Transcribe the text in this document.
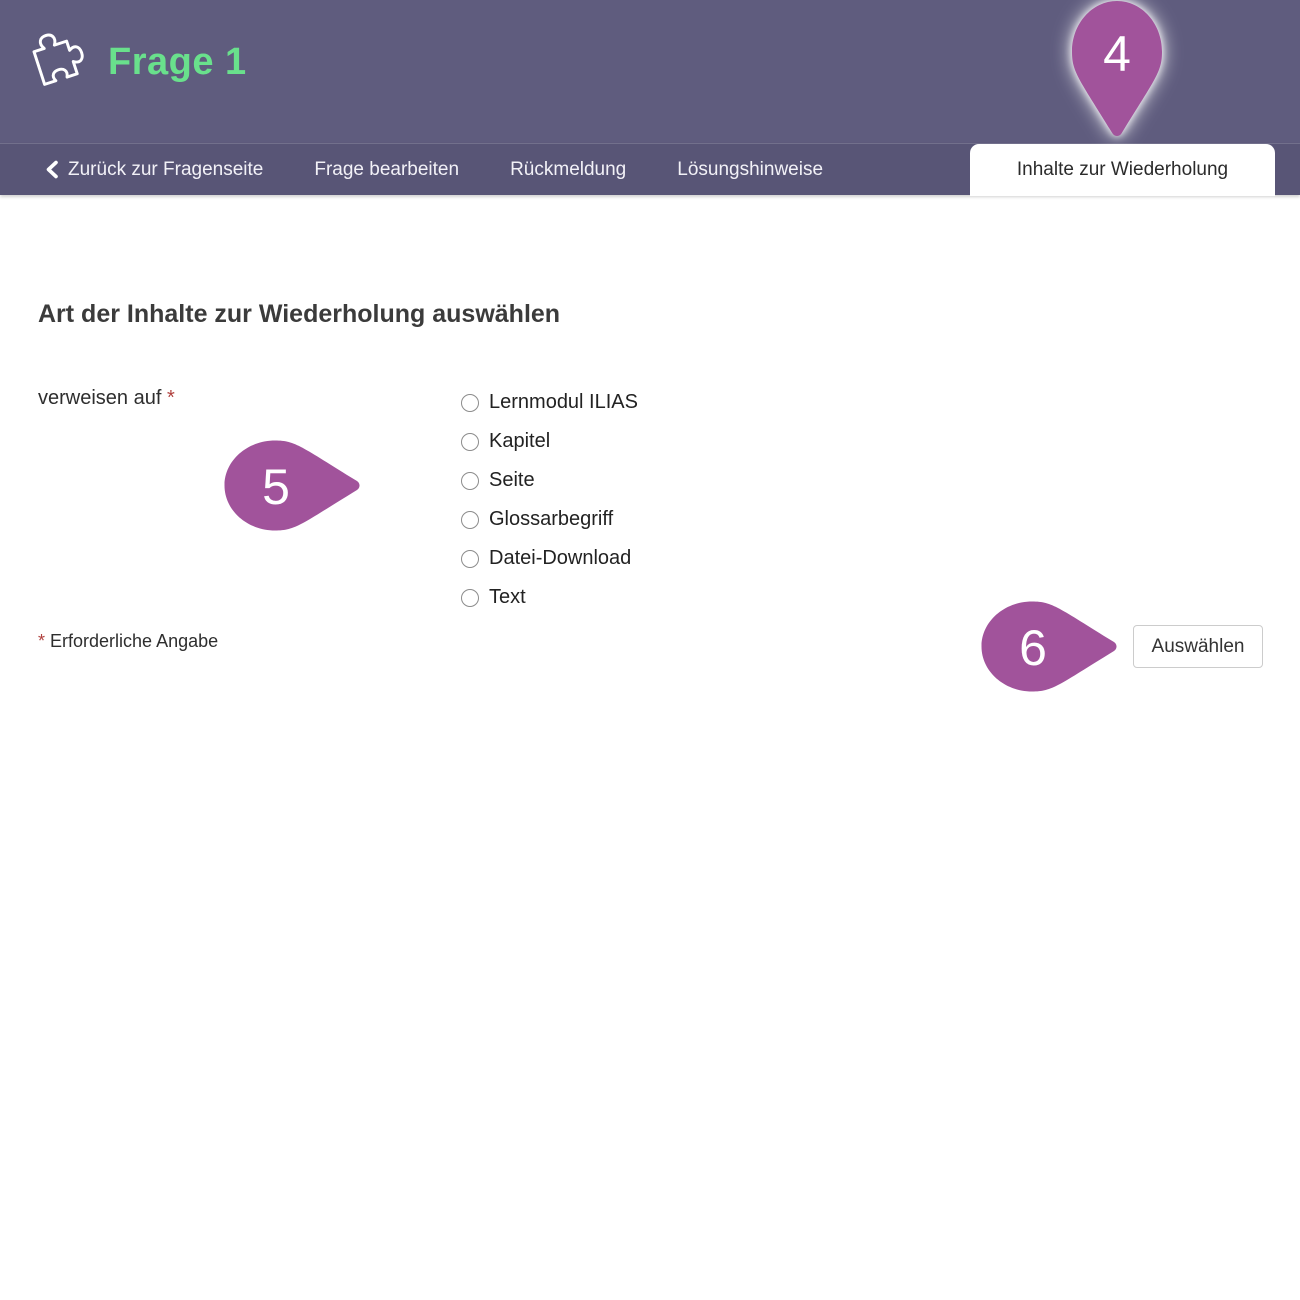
Frage 1
Zurück zur Fragenseite	Frage bearbeiten	Rückmeldung	Lösungshinweise	Inhalte zur Wiederholung
Art der Inhalte zur Wiederholung auswählen
verweisen auf *	Lernmodul ILIAS
Kapitel
Seite
Glossarbegriff
Datei-Download
Text
* Erforderliche Angabe	Auswählen
4
5
6
